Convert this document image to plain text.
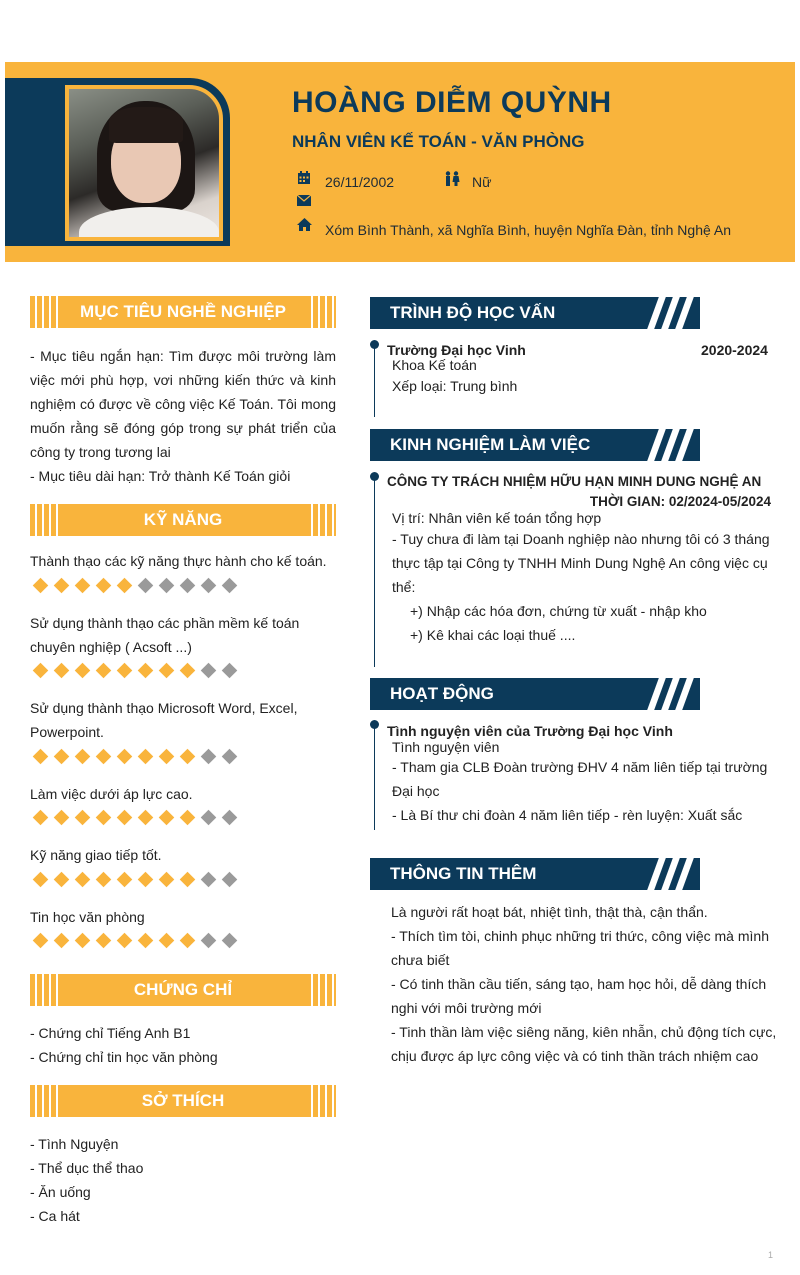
HOÀNG DIỄM QUỲNH
NHÂN VIÊN KẾ TOÁN - VĂN PHÒNG
26/11/2002	Nữ
Xóm Bình Thành, xã Nghĩa Bình, huyện Nghĩa Đàn, tỉnh Nghệ An
MỤC TIÊU NGHỀ NGHIỆP
- Mục tiêu ngắn hạn: Tìm được môi trường làm việc mới phù hợp, vơi những kiến thức và kinh nghiệm có được về công việc Kế Toán. Tôi mong muốn rằng sẽ đóng góp trong sự phát triển của công ty trong tương lai
- Mục tiêu dài hạn: Trở thành Kế Toán giỏi
KỸ NĂNG
Thành thạo các kỹ năng thực hành cho kế toán.
Sử dụng thành thạo các phần mềm kế toán chuyên nghiệp ( Acsoft ...)
Sử dụng thành thạo Microsoft Word, Excel, Powerpoint.
Làm việc dưới áp lực cao.
Kỹ năng giao tiếp tốt.
Tin học văn phòng
CHỨNG CHỈ
- Chứng chỉ Tiếng Anh B1
- Chứng chỉ tin học văn phòng
SỞ THÍCH
- Tình Nguyện
- Thể dục thể thao
- Ăn uống
- Ca hát
TRÌNH ĐỘ HỌC VẤN
Trường Đại học Vinh	2020-2024
Khoa Kế toán
Xếp loại: Trung bình
KINH NGHIỆM LÀM VIỆC
CÔNG TY TRÁCH NHIỆM HỮU HẠN MINH DUNG NGHỆ AN
THỜI GIAN: 02/2024-05/2024
Vị trí: Nhân viên kế toán tổng hợp
- Tuy chưa đi làm tại Doanh nghiệp nào nhưng tôi có 3 tháng thực tập tại Công ty TNHH Minh Dung Nghệ An công việc cụ thể:
+) Nhập các hóa đơn, chứng từ xuất - nhập kho
+) Kê khai các loại thuế ....
HOẠT ĐỘNG
Tình nguyện viên của Trường Đại học Vinh
Tình nguyện viên
- Tham gia CLB Đoàn trường ĐHV 4 năm liên tiếp tại trường Đại học
- Là Bí thư chi đoàn 4 năm liên tiếp - rèn luyện: Xuất sắc
THÔNG TIN THÊM
Là người rất hoạt bát, nhiệt tình, thật thà, cận thẩn.
- Thích tìm tòi, chinh phục những tri thức, công việc mà mình chưa biết
- Có tinh thần cầu tiến, sáng tạo, ham học hỏi, dễ dàng thích nghi với môi trường mới
- Tinh thần làm việc siêng năng, kiên nhẫn, chủ động tích cực, chịu được áp lực công việc và có tinh thần trách nhiệm cao
1
